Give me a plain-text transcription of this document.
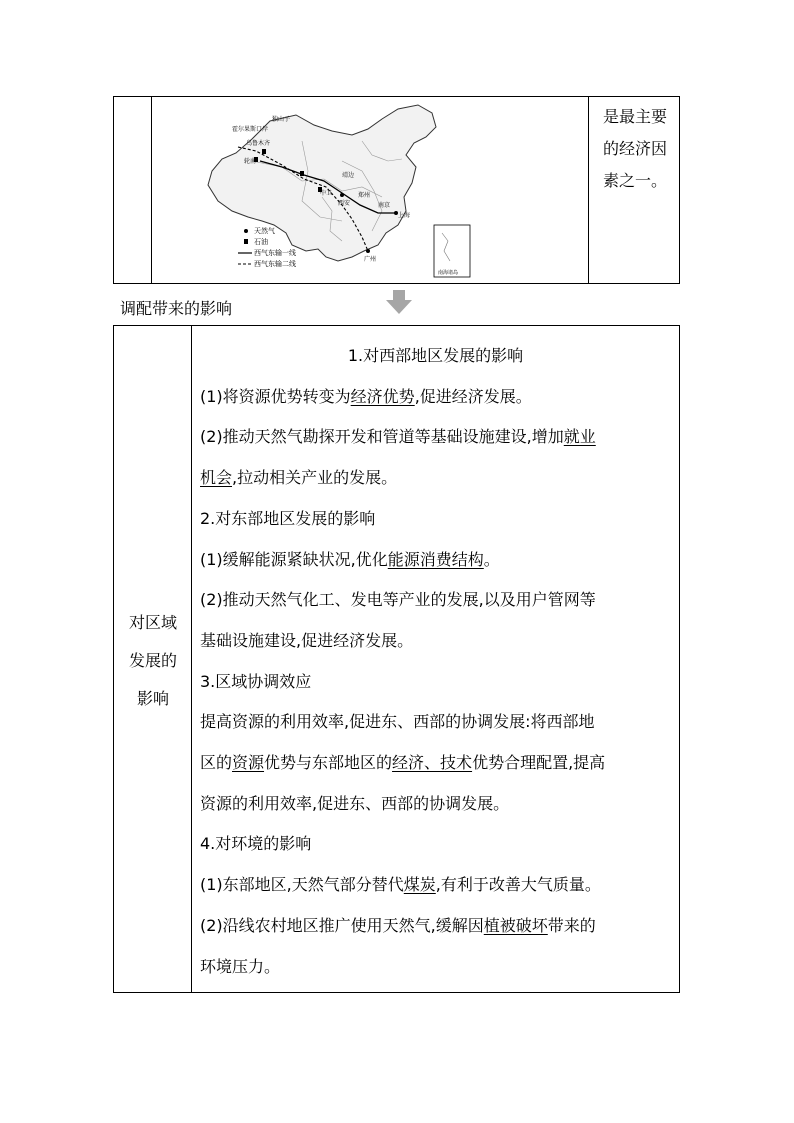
霍尔果斯口岸
独山子
乌鲁木齐
轮南
靖边
中卫
西安
郑州
南京
上海
广州
南海诸岛
天然气
石油
西气东输一线
西气东输二线
是最主要的经济因素之一。
调配带来的影响
对区域
发展的
影响

1.对西部地区发展的影响

(1)将资源优势转变为经济优势,促进经济发展。

(2)推动天然气勘探开发和管道等基础设施建设,增加就业

机会,拉动相关产业的发展。

2.对东部地区发展的影响

(1)缓解能源紧缺状况,优化能源消费结构。

(2)推动天然气化工、发电等产业的发展,以及用户管网等

基础设施建设,促进经济发展。

3.区域协调效应

提高资源的利用效率,促进东、西部的协调发展:将西部地

区的资源优势与东部地区的经济、技术优势合理配置,提高

资源的利用效率,促进东、西部的协调发展。

4.对环境的影响

(1)东部地区,天然气部分替代煤炭,有利于改善大气质量。

(2)沿线农村地区推广使用天然气,缓解因植被破坏带来的

环境压力。
